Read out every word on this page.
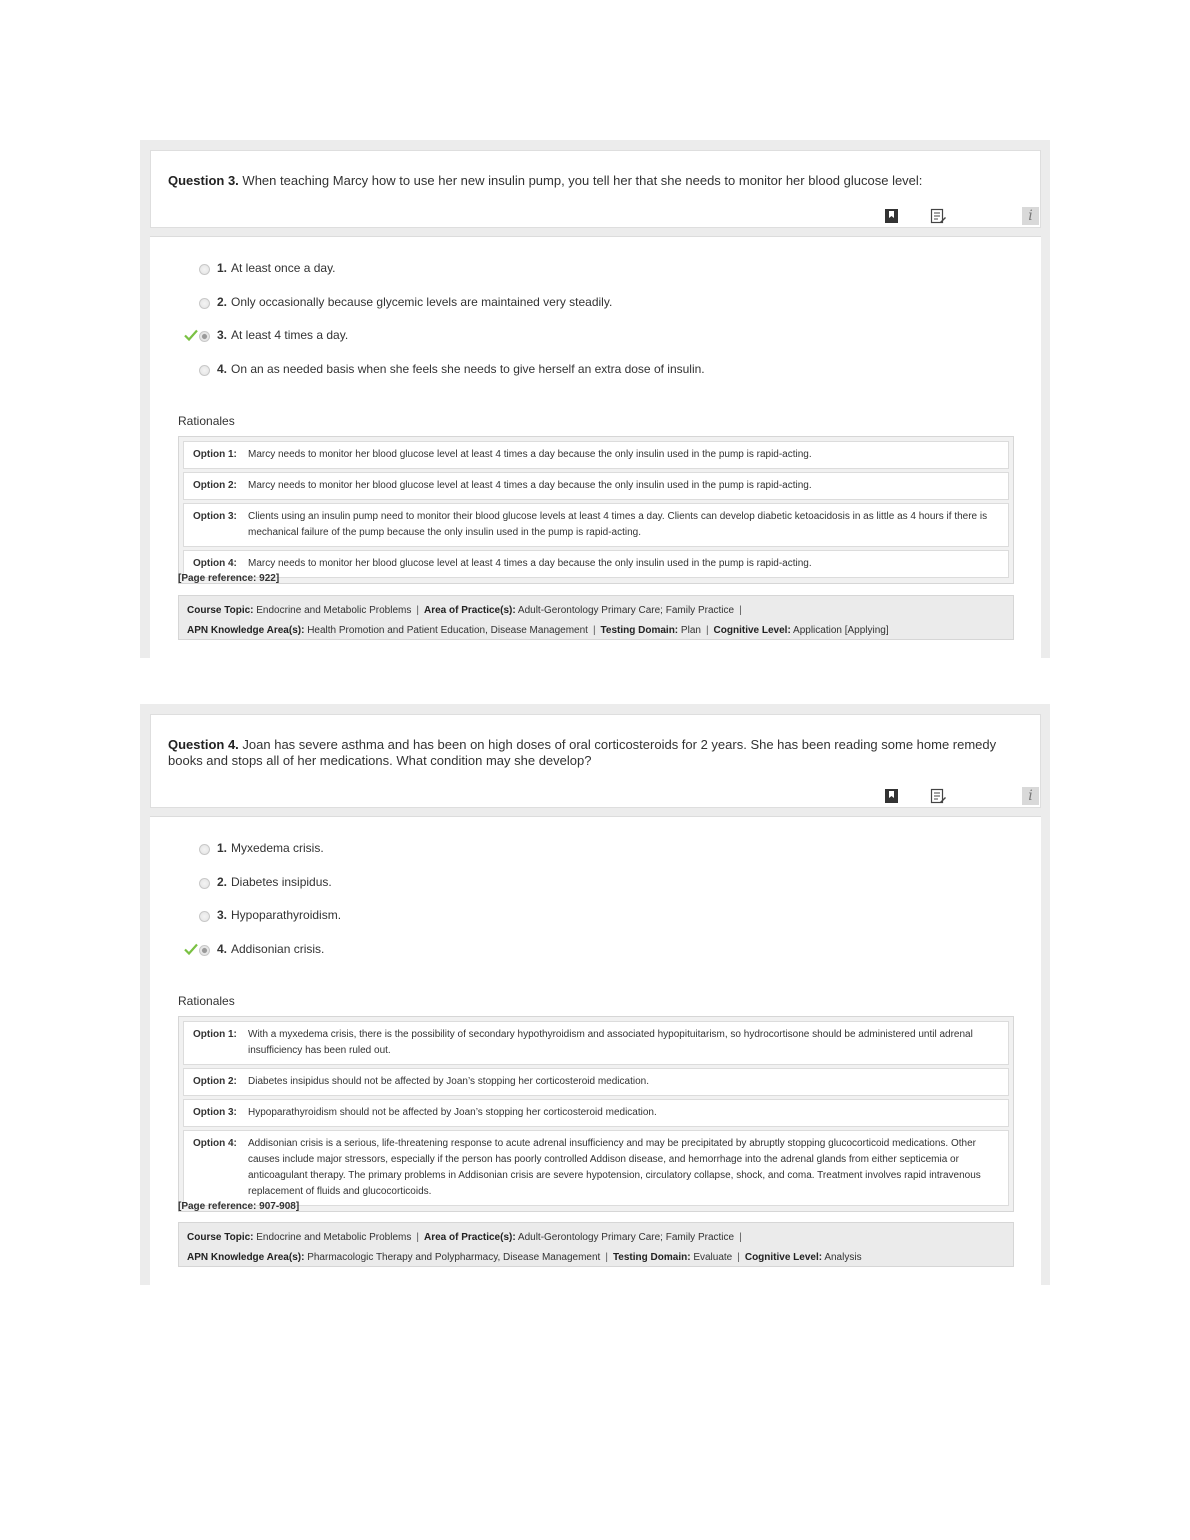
Question 3. When teaching Marcy how to use her new insulin pump, you tell her that she needs to monitor her blood glucose level:
i
1. At least once a day.
2. Only occasionally because glycemic levels are maintained very steadily.
3. At least 4 times a day.
4. On an as needed basis when she feels she needs to give herself an extra dose of insulin.
Rationales
Option 1: Marcy needs to monitor her blood glucose level at least 4 times a day because the only insulin used in the pump is rapid-acting.
Option 2: Marcy needs to monitor her blood glucose level at least 4 times a day because the only insulin used in the pump is rapid-acting.
Option 3: Clients using an insulin pump need to monitor their blood glucose levels at least 4 times a day. Clients can develop diabetic ketoacidosis in as little as 4 hours if there is mechanical failure of the pump because the only insulin used in the pump is rapid-acting.
Option 4: Marcy needs to monitor her blood glucose level at least 4 times a day because the only insulin used in the pump is rapid-acting.
[Page reference: 922]
Course Topic: Endocrine and Metabolic Problems | Area of Practice(s): Adult-Gerontology Primary Care; Family Practice |
APN Knowledge Area(s): Health Promotion and Patient Education, Disease Management | Testing Domain: Plan | Cognitive Level: Application [Applying]
Question 4. Joan has severe asthma and has been on high doses of oral corticosteroids for 2 years. She has been reading some home remedy books and stops all of her medications. What condition may she develop?
i
1. Myxedema crisis.
2. Diabetes insipidus.
3. Hypoparathyroidism.
4. Addisonian crisis.
Rationales
Option 1: With a myxedema crisis, there is the possibility of secondary hypothyroidism and associated hypopituitarism, so hydrocortisone should be administered until adrenal insufficiency has been ruled out.
Option 2: Diabetes insipidus should not be affected by Joan’s stopping her corticosteroid medication.
Option 3: Hypoparathyroidism should not be affected by Joan’s stopping her corticosteroid medication.
Option 4: Addisonian crisis is a serious, life-threatening response to acute adrenal insufficiency and may be precipitated by abruptly stopping glucocorticoid medications. Other causes include major stressors, especially if the person has poorly controlled Addison disease, and hemorrhage into the adrenal glands from either septicemia or anticoagulant therapy. The primary problems in Addisonian crisis are severe hypotension, circulatory collapse, shock, and coma. Treatment involves rapid intravenous replacement of fluids and glucocorticoids.
[Page reference: 907-908]
Course Topic: Endocrine and Metabolic Problems | Area of Practice(s): Adult-Gerontology Primary Care; Family Practice |
APN Knowledge Area(s): Pharmacologic Therapy and Polypharmacy, Disease Management | Testing Domain: Evaluate | Cognitive Level: Analysis
